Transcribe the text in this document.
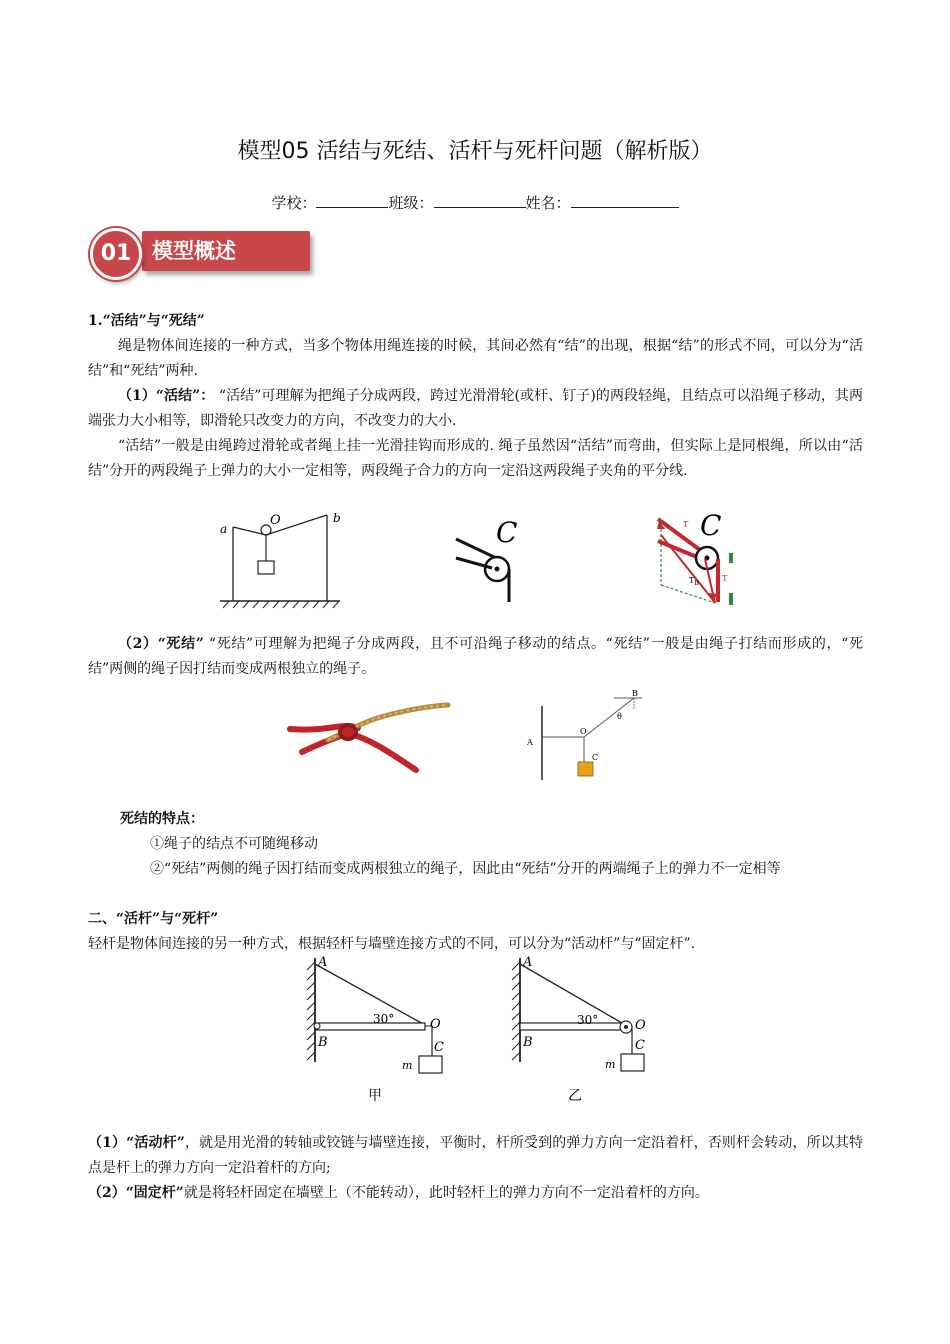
模型05 活结与死结、活杆与死杆问题（解析版）
学校：	班级：	姓名：
模型概述
01
1.“活结”与“死结”
绳是物体间连接的一种方式，当多个物体用绳连接的时候，其间必然有“结”的出现，根据“结”的形式不同，可以分为“活结”和“死结”两种.
（1）“活结”： “活结”可理解为把绳子分成两段，跨过光滑滑轮(或杆、钉子)的两段轻绳，且结点可以沿绳子移动，其两端张力大小相等，即滑轮只改变力的方向，不改变力的大小.
“活结”一般是由绳跨过滑轮或者绳上挂一光滑挂钩而形成的. 绳子虽然因“活结”而弯曲，但实际上是同根绳，所以由“活结”分开的两段绳子上弹力的大小一定相等，两段绳子合力的方向一定沿这两段绳子夹角的平分线.
a
b
O	C	C
T
T
$T_B$
（2）“死结” “死结”可理解为把绳子分成两段，且不可沿绳子移动的结点。“死结”一般是由绳子打结而形成的，“死结”两侧的绳子因打结而变成两根独立的绳子。
A
B
O
C
θ
死结的特点：
①绳子的结点不可随绳移动
②“死结”两侧的绳子因打结而变成两根独立的绳子，因此由“死结”分开的两端绳子上的弹力不一定相等
二、“活杆”与“死杆”
轻杆是物体间连接的另一种方式，根据轻杆与墙壁连接方式的不同，可以分为“活动杆”与“固定杆”.
A
B
O
C
m
30°
甲
A
B
O
C
m
30°
乙
（1）“活动杆”，就是用光滑的转轴或铰链与墙壁连接，平衡时，杆所受到的弹力方向一定沿着杆，否则杆会转动，所以其特点是杆上的弹力方向一定沿着杆的方向;
（2）“固定杆”就是将轻杆固定在墙壁上（不能转动），此时轻杆上的弹力方向不一定沿着杆的方向。
